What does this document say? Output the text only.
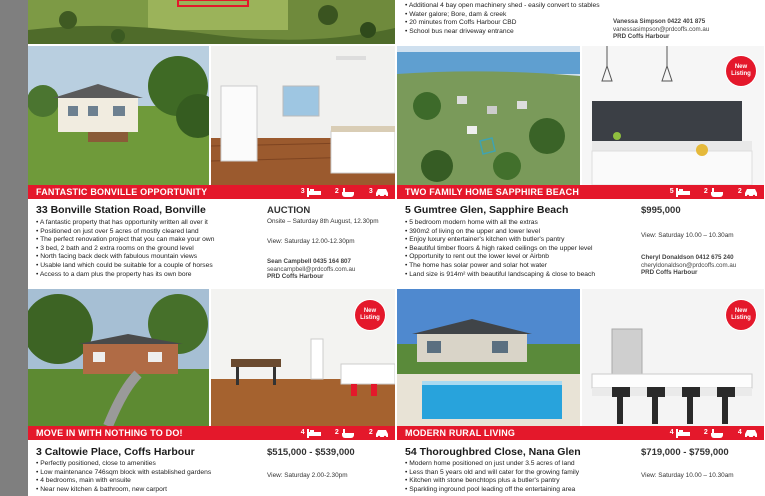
FANTASTIC BONVILLE OPPORTUNITY	3	2	3
33 Bonville Station Road, Bonville
• A fantastic property that has opportunity written all over it
• Positioned on just over 5 acres of mostly cleared land
• The perfect renovation project that you can make your own
• 3 bed, 2 bath and 2 extra rooms on the ground level
• North facing back deck with fabulous mountain views
• Usable land which could be suitable for a couple of horses
• Access to a dam plus the property has its own bore
AUCTION
Onsite – Saturday 8th August, 12.30pm
View: Saturday 12.00-12.30pm
Sean Campbell 0435 164 807
seancampbell@prdcoffs.com.au
PRD Coffs Harbour
New Listing
MOVE IN WITH NOTHING TO DO!	4	2	2
3 Caltowie Place, Coffs Harbour
• Perfectly positioned, close to amenities
• Low maintenance 746sqm block with established gardens
• 4 bedrooms, main with ensuite
• Near new kitchen & bathroom, new carport
$515,000 - $539,000
View: Saturday 2.00-2.30pm
• Additional 4 bay open machinery shed - easily convert to stables
• Water galore; Bore, dam & creek
• 20 minutes from Coffs Harbour CBD
• School bus near driveway entrance
Vanessa Simpson 0422 401 875
vanessasimpson@prdcoffs.com.au
PRD Coffs Harbour
New Listing
TWO FAMILY HOME SAPPHIRE BEACH	5	2	2
5 Gumtree Glen, Sapphire Beach
• 5 bedroom modern home with all the extras
• 390m2 of living on the upper and lower level
• Enjoy luxury entertainer's kitchen with butler's pantry
• Beautiful timber floors & high raked ceilings on the upper level
• Opportunity to rent out the lower level or Airbnb
• The home has solar power and solar hot water
• Land size is 914m² with beautiful landscaping & close to beach
$995,000
View: Saturday 10.00 – 10.30am
Cheryl Donaldson 0412 675 240
cheryldonaldson@prdcoffs.com.au
PRD Coffs Harbour
New Listing
MODERN RURAL LIVING	4	2	4
54 Thoroughbred Close, Nana Glen
• Modern home positioned on just under 3.5 acres of land
• Less than 5 years old and will cater for the growing family
• Kitchen with stone benchtops plus a butler's pantry
• Sparkling inground pool leading off the entertaining area
$719,000 - $759,000
View: Saturday 10.00 – 10.30am
